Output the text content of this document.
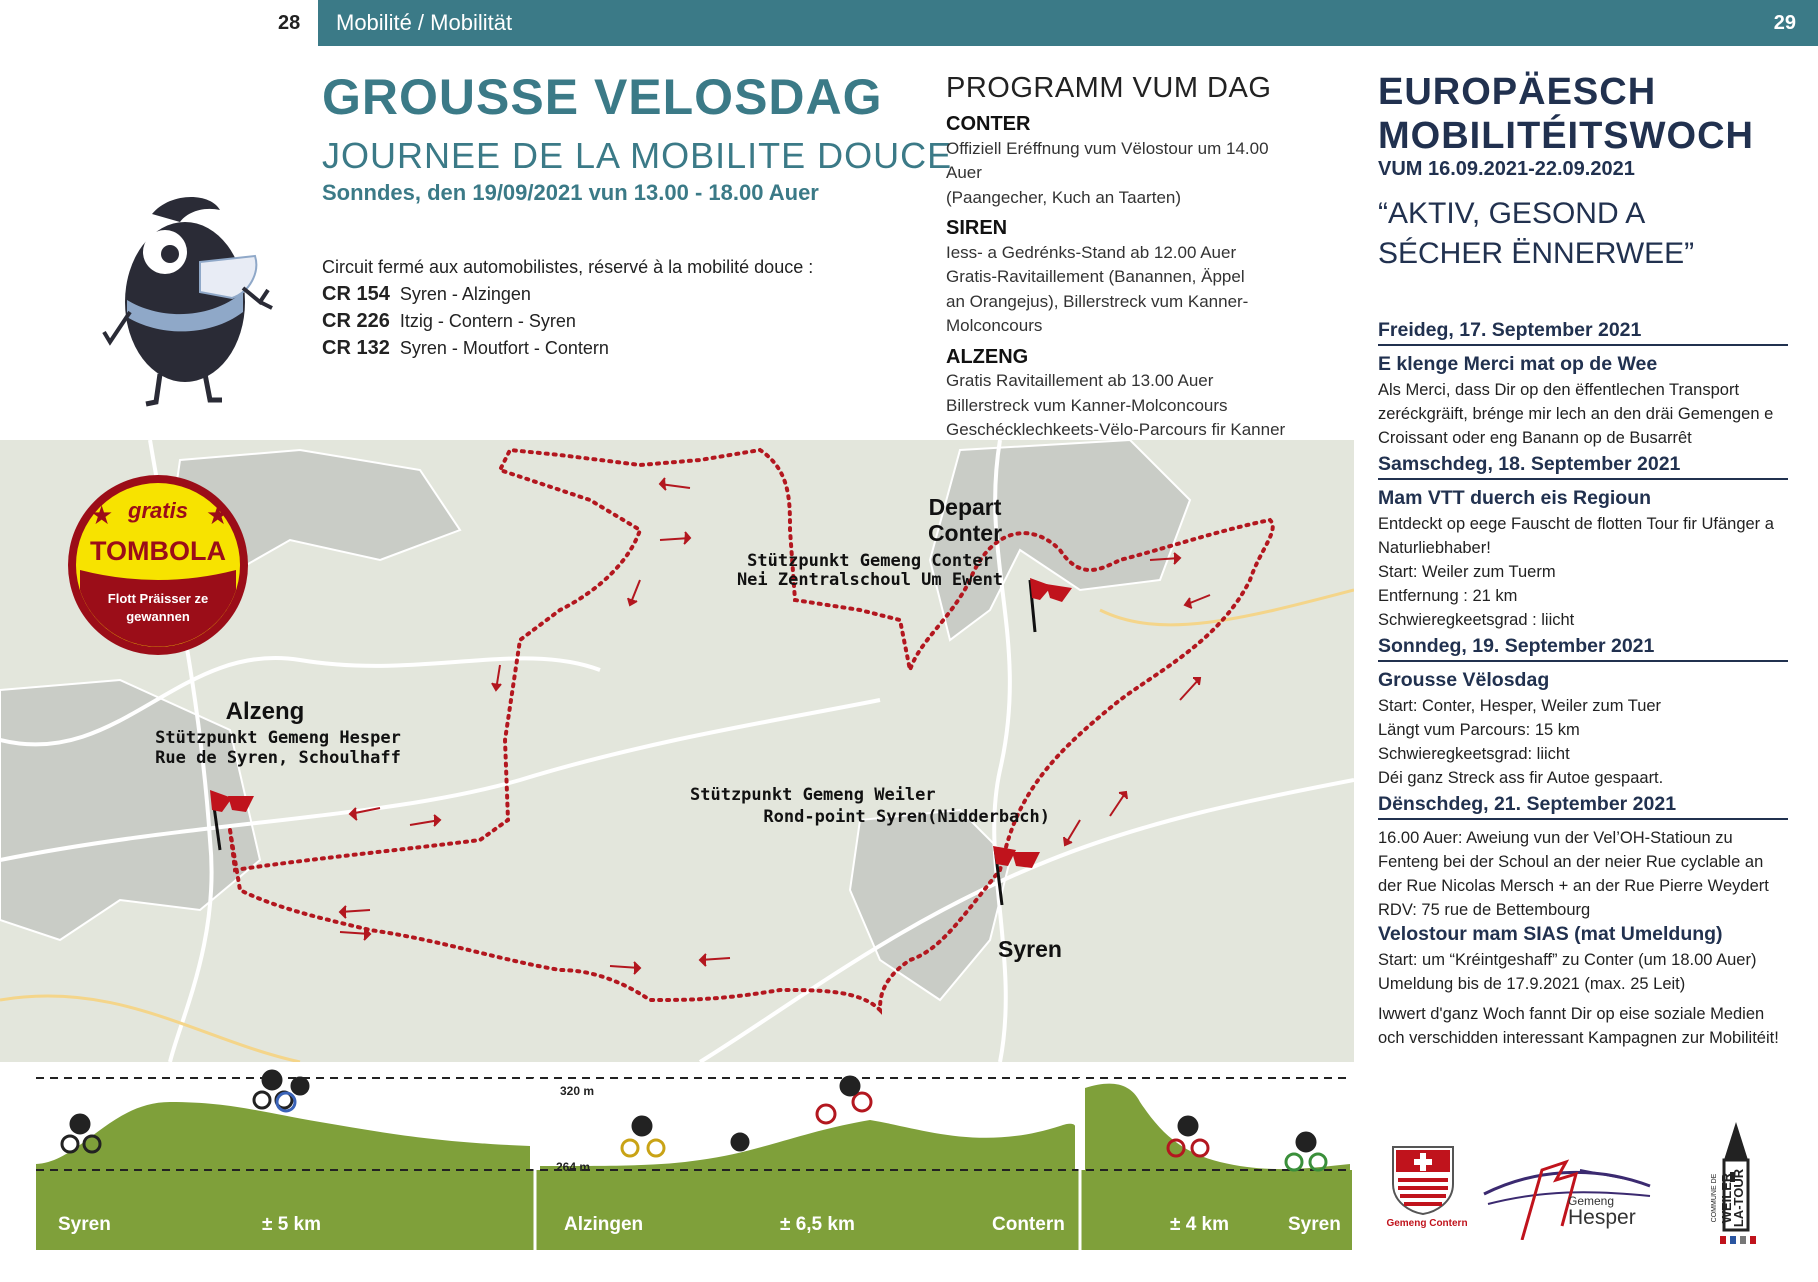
28 Mobilité / Mobilität	29
GROUSSE VELOSDAG
JOURNEE DE LA MOBILITE DOUCE
Sonndes, den 19/09/2021 vun 13.00 - 18.00 Auer
Circuit fermé aux automobilistes, réservé à la mobilité douce :
CR 154 Syren - Alzingen
CR 226 Itzig - Contern - Syren
CR 132 Syren - Moutfort - Contern
PROGRAMM VUM DAG
CONTER
Offiziell Eréffnung vum Vëlostour um 14.00 Auer
(Paangecher, Kuch an Taarten)
SIREN
Iess- a Gedrénks-Stand ab 12.00 Auer
Gratis-Ravitaillement (Banannen, Äppel
an Orangejus), Billerstreck vum Kanner-
Molconcours
ALZENG
Gratis Ravitaillement ab 13.00 Auer
Billerstreck vum Kanner-Molconcours
Geschécklechkeets-Vëlo-Parcours fir Kanner
EUROPÄESCH
MOBILITÉITSWOCH
VUM 16.09.2021-22.09.2021
“AKTIV, GESOND A
SÉCHER ËNNERWEE”
Freideg, 17. September 2021
E klenge Merci mat op de Wee
Als Merci, dass Dir op den ëffentlechen Transport
zeréckgräift, brénge mir lech an den dräi Gemengen e
Croissant oder eng Banann op de Busarrêt
Samschdeg, 18. September 2021
Mam VTT duerch eis Regioun
Entdeckt op eege Fauscht de flotten Tour fir Ufänger a
Naturliebhaber!
Start: Weiler zum Tuerm
Entfernung : 21 km
Schwieregkeetsgrad : liicht
Sonndeg, 19. September 2021
Grousse Vëlosdag
Start: Conter, Hesper, Weiler zum Tuer
Längt vum Parcours: 15 km
Schwieregkeetsgrad: liicht
Déi ganz Streck ass fir Autoe gespaart.
Dënschdeg, 21. September 2021
16.00 Auer: Aweiung vun der Vel’OH-Statioun zu
Fenteng bei der Schoul an der neier Rue cyclable an
der Rue Nicolas Mersch + an der Rue Pierre Weydert
RDV: 75 rue de Bettembourg
Velostour mam SIAS (mat Umeldung)
Start: um “Kréintgeshaff” zu Conter (um 18.00 Auer)
Umeldung bis de 17.9.2021 (max. 25 Leit)
Iwwert d'ganz Woch fannt Dir op eise soziale Medien
och verschidden interessant Kampagnen zur Mobilitéit!
gratis
★	★
TOMBOLA
Flott Präisser ze
gewannen
Depart
Conter
Stützpunkt Gemeng Conter
Nei Zentralschoul Um Ewent
Alzeng
Stützpunkt Gemeng Hesper
Rue de Syren, Schoulhaff
Stützpunkt Gemeng Weiler
Rond-point Syren(Nidderbach)
Syren
320 m
264 m
Syren	± 5 km	Alzingen	± 6,5 km	Contern	± 4 km	Syren	Gemeng Contern
Gemeng
Hesper	COMMUNE DE WEILER
LA-TOUR
